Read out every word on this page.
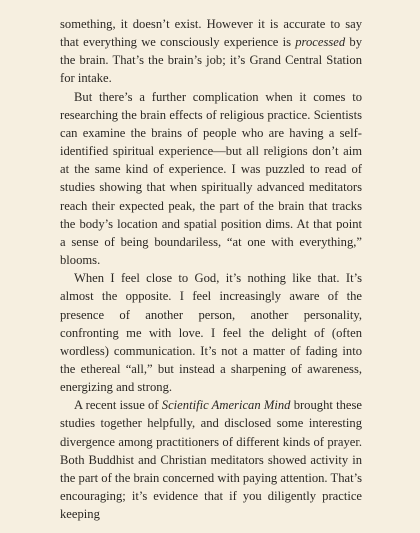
something, it doesn’t exist. However it is accurate to say that everything we consciously experience is processed by the brain. That’s the brain’s job; it’s Grand Central Station for intake.

But there’s a further complication when it comes to researching the brain effects of religious practice. Scientists can examine the brains of people who are having a self-identified spiritual experience—but all religions don’t aim at the same kind of experience. I was puzzled to read of studies showing that when spiritually advanced meditators reach their expected peak, the part of the brain that tracks the body’s location and spatial position dims. At that point a sense of being boundariless, “at one with everything,” blooms.

When I feel close to God, it’s nothing like that. It’s almost the opposite. I feel increasingly aware of the presence of another person, another personality, confronting me with love. I feel the delight of (often wordless) communication. It’s not a matter of fading into the ethereal “all,” but instead a sharpening of awareness, energizing and strong.

A recent issue of Scientific American Mind brought these studies together helpfully, and disclosed some interesting divergence among practitioners of different kinds of prayer. Both Buddhist and Christian meditators showed activity in the part of the brain concerned with paying attention. That’s encouraging; it’s evidence that if you diligently practice keeping
